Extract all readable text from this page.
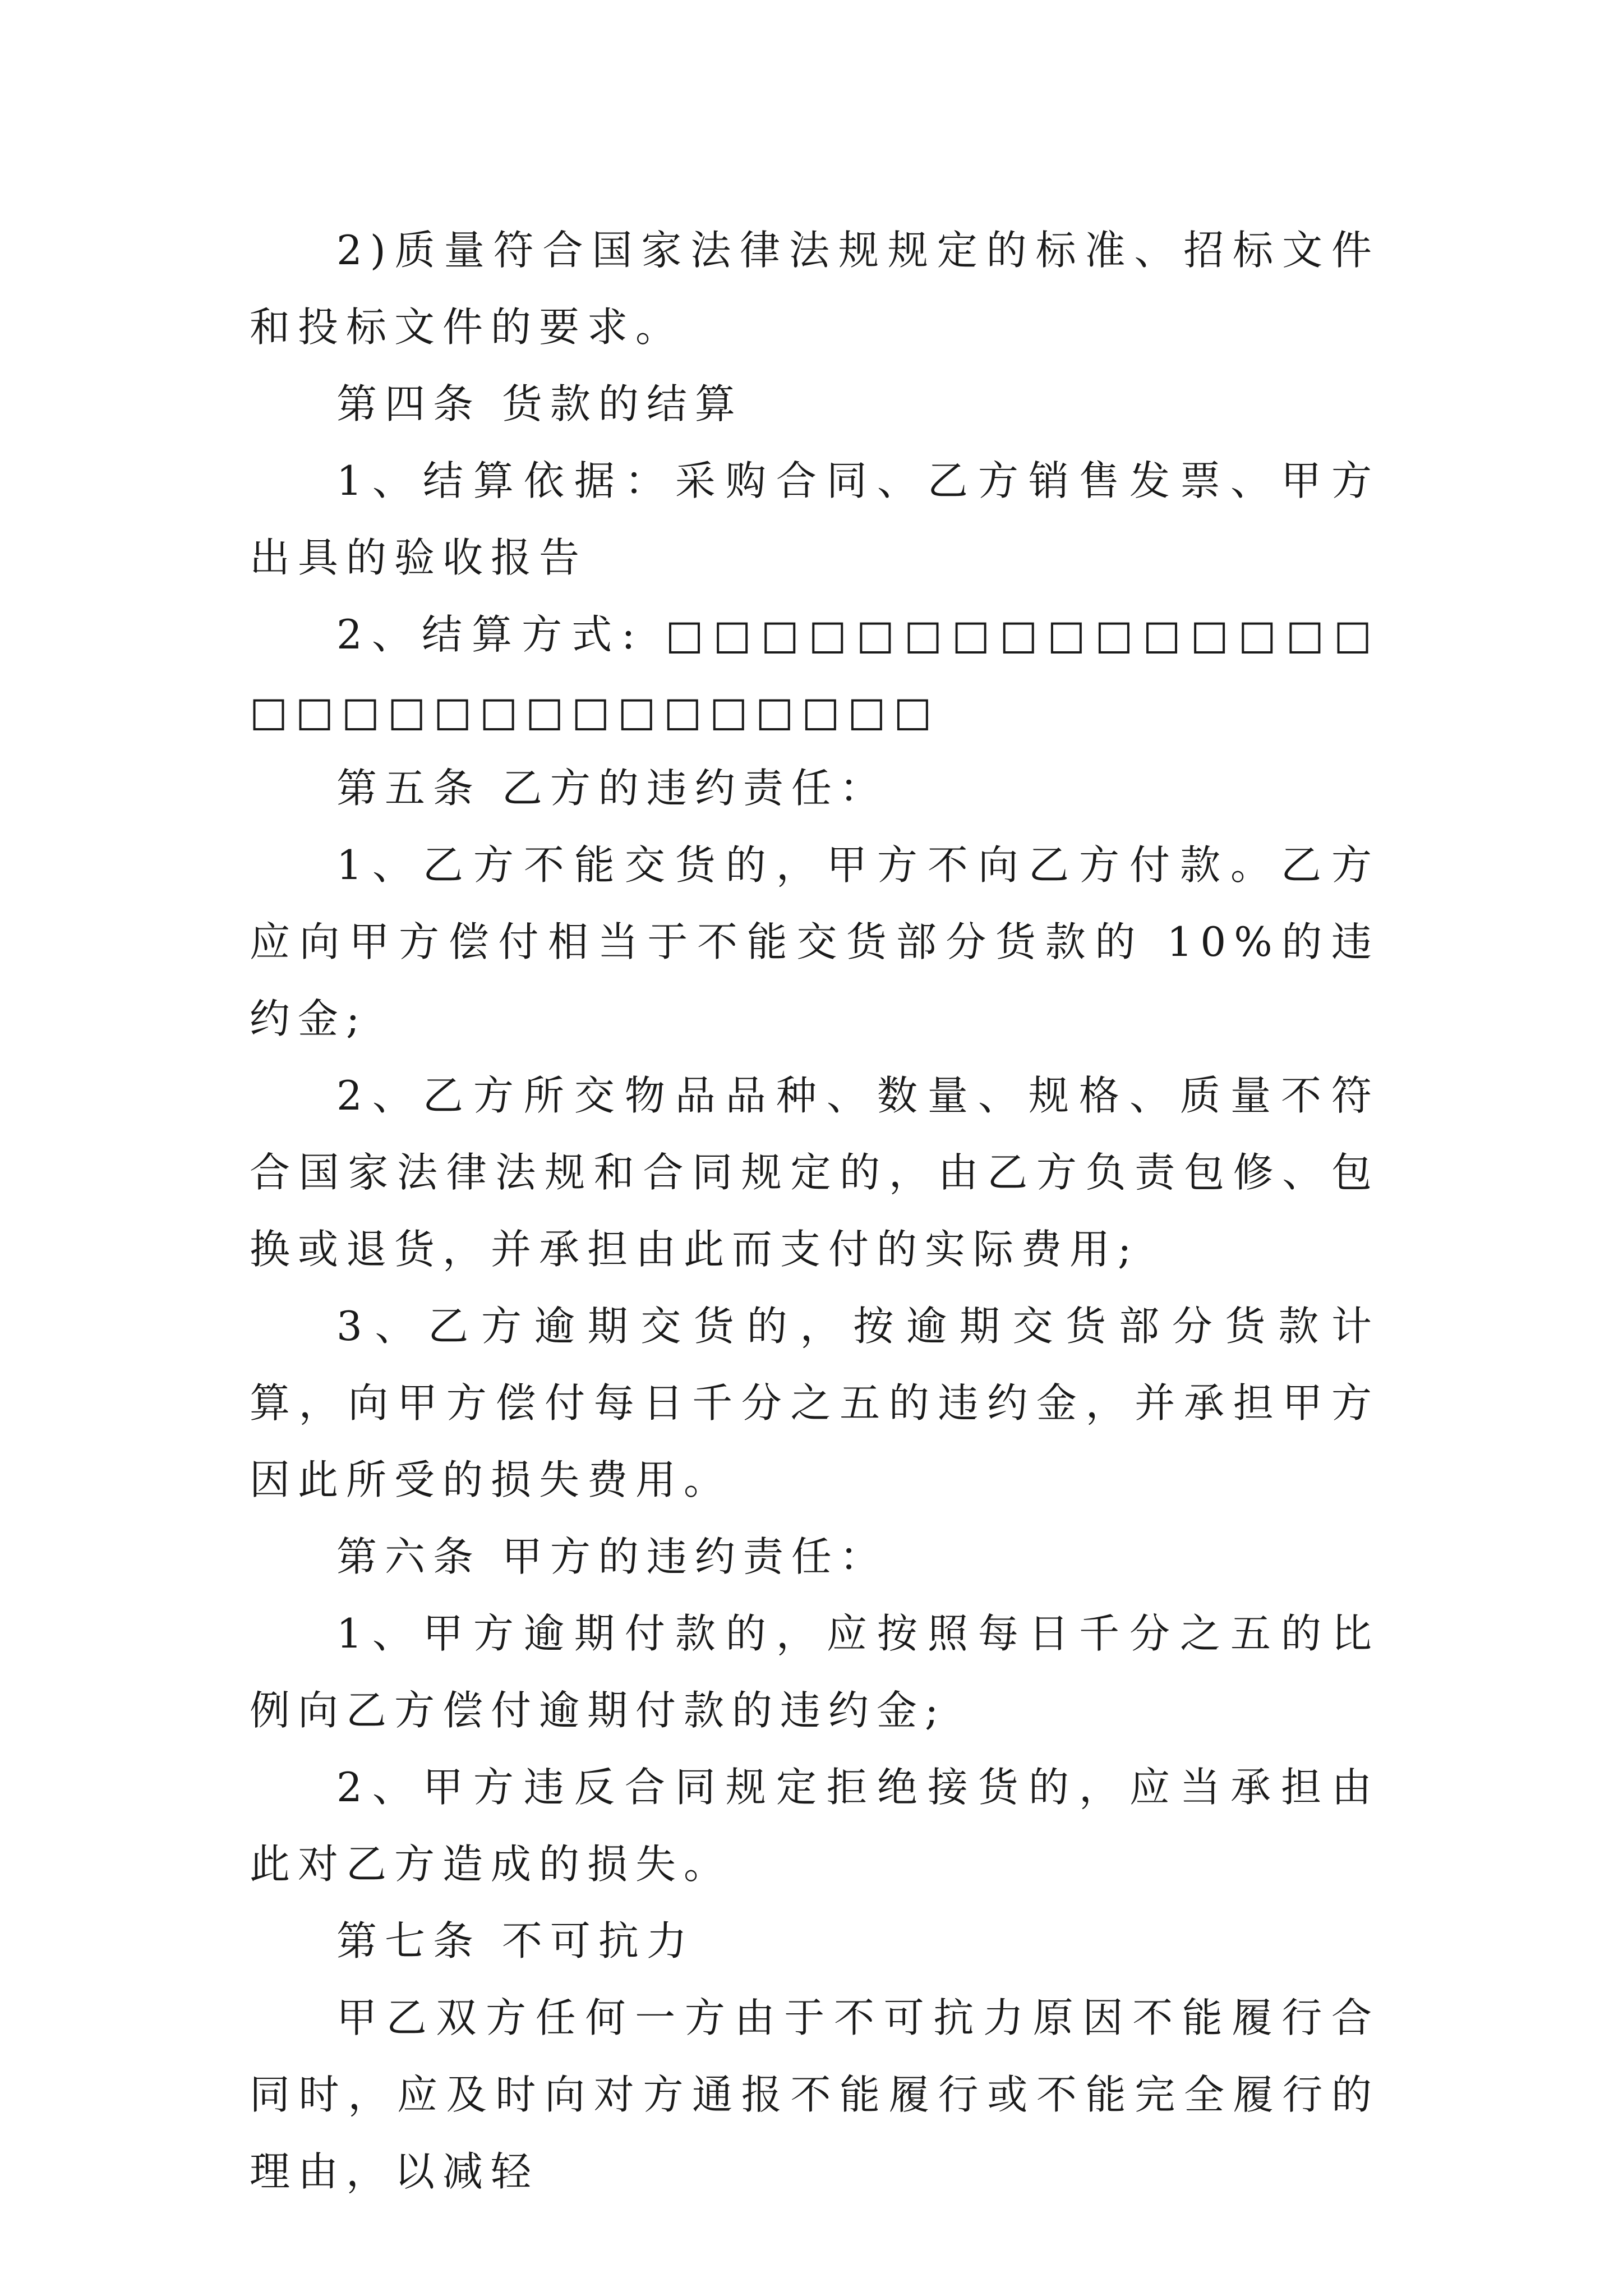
2)质量符合国家法律法规规定的标准、招标文件和投标文件的要求。

第四条 货款的结算

1、结算依据：采购合同、乙方销售发票、甲方出具的验收报告

2、结算方式: □□□□□□□□□□□□□□□□□□□□□□□□□□□□□□

第五条 乙方的违约责任：

1、乙方不能交货的，甲方不向乙方付款。乙方应向甲方偿付相当于不能交货部分货款的 10%的违约金;

2、乙方所交物品品种、数量、规格、质量不符合国家法律法规和合同规定的，由乙方负责包修、包换或退货，并承担由此而支付的实际费用;

3、乙方逾期交货的，按逾期交货部分货款计算，向甲方偿付每日千分之五的违约金，并承担甲方因此所受的损失费用。

第六条 甲方的违约责任：

1、甲方逾期付款的，应按照每日千分之五的比例向乙方偿付逾期付款的违约金;

2、甲方违反合同规定拒绝接货的，应当承担由此对乙方造成的损失。

第七条 不可抗力

甲乙双方任何一方由于不可抗力原因不能履行合同时，应及时向对方通报不能履行或不能完全履行的理由，以减轻
